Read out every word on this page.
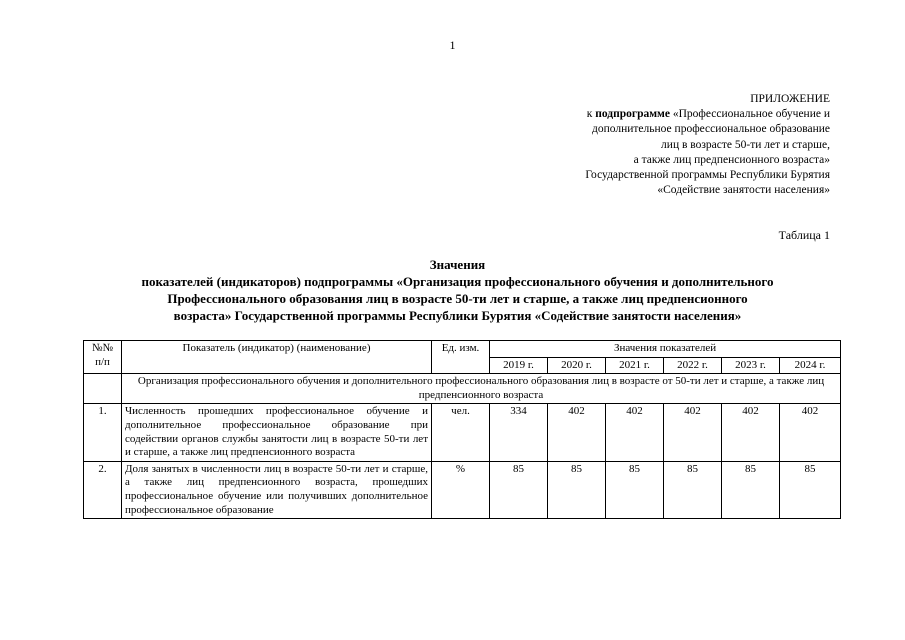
1
ПРИЛОЖЕНИЕ
к подпрограмме «Профессиональное обучение и
дополнительное профессиональное образование
лиц в возрасте 50-ти лет и старше,
а также лиц предпенсионного возраста»
Государственной программы Республики Бурятия
«Содействие занятости населения»
Таблица 1
Значения
показателей (индикаторов) подпрограммы «Организация профессионального обучения и дополнительного
Профессионального образования лиц в возрасте 50-ти лет и старше, а также лиц предпенсионного
возраста» Государственной программы Республики Бурятия «Содействие занятости населения»
№№ п/п	Показатель (индикатор) (наименование)	Ед. изм.	Значения показателей					
			2019 г.	2020 г.	2021 г.	2022 г.	2023 г.	2024 г.
	Организация профессионального обучения и дополнительного профессионального образования лиц в возрасте от 50-ти лет и старше, а также лиц предпенсионного возраста							
1.	Численность прошедших профессиональное обучение и дополнительное профессиональное образование при содействии органов службы занятости лиц в возрасте 50-ти лет и старше, а также лиц предпенсионного возраста	чел.	334	402	402	402	402	402
2.	Доля занятых в численности лиц в возрасте 50-ти лет и старше, а также лиц предпенсионного возраста, прошедших профессиональное обучение или получивших дополнительное профессиональное образование	%	85	85	85	85	85	85
